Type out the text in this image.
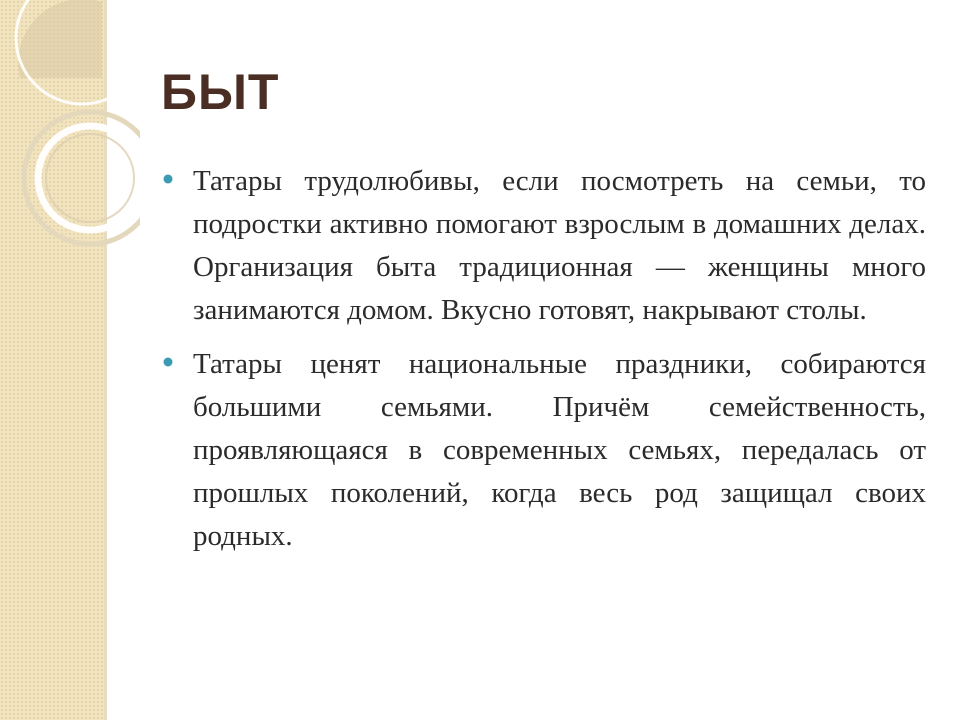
БЫТ

Татары трудолюбивы, если посмотреть на семьи, то подростки активно помогают взрослым в домашних делах. Организация быта традиционная — женщины много занимаются домом. Вкусно готовят, накрывают столы.

Татары ценят национальные праздники, собираются большими семьями. Причём семейственность, проявляющаяся в современных семьях, передалась от прошлых поколений, когда весь род защищал своих родных.
